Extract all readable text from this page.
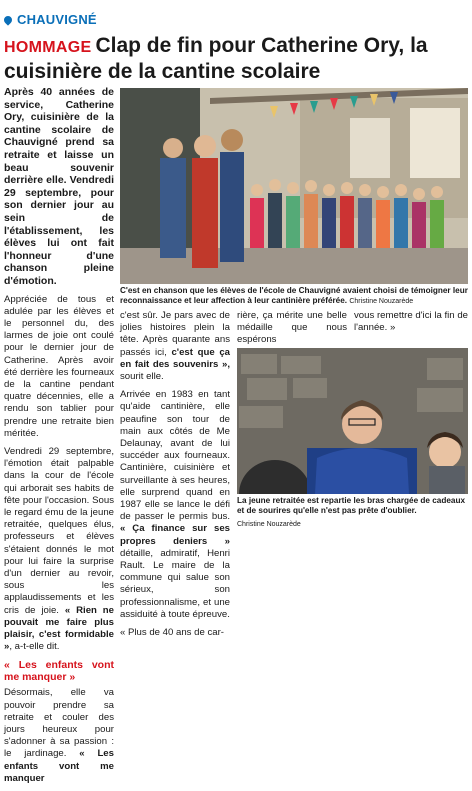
CHAUVIGNÉ
HOMMAGE Clap de fin pour Catherine Ory, la cuisinière de la cantine scolaire

Après 40 années de service, Catherine Ory, cuisinière de la cantine scolaire de Chauvigné prend sa retraite et laisse un beau souvenir derrière elle. Vendredi 29 septembre, pour son dernier jour au sein de l'établissement, les élèves lui ont fait l'honneur d'une chanson pleine d'émotion.

Appréciée de tous et adulée par les élèves et le personnel du, des larmes de joie ont coulé pour le dernier jour de Catherine. Après avoir été derrière les fourneaux de la cantine pendant quatre décennies, elle a rendu son tablier pour prendre une retraite bien méritée.

Vendredi 29 septembre, l'émotion était palpable dans la cour de l'école qui arborait ses habits de fête pour l'occasion. Sous le regard ému de la jeune retraitée, quelques élus, professeurs et élèves s'étaient donnés le mot pour lui faire la surprise d'un dernier au revoir, sous les applaudissements et les cris de joie. « Rien ne pouvait me faire plus plaisir, c'est formidable », a-t-elle dit.

« Les enfants vont me manquer »

Désormais, elle va pouvoir prendre sa retraite et couler des jours heureux pour s'adonner à sa passion : le jardinage. « Les enfants vont me manquer

C'est en chanson que les élèves de l'école de Chauvigné avaient choisi de témoigner leur reconnaissance et leur affection à leur cantinière préférée. Christine Nouzarède

c'est sûr. Je pars avec de jolies histoires plein la tête. Après quarante ans passés ici, c'est que ça en fait des souvenirs », sourit elle.

Arrivée en 1983 en tant qu'aide cantinière, elle peaufine son tour de main aux côtés de Me Delaunay, avant de lui succéder aux fourneaux. Cantinière, cuisinière et surveillante à ses heures, elle surprend quand en 1987 elle se lance le défi de passer le permis bus. « Ça finance sur ses propres deniers » détaille, admiratif, Henri Rault. Le maire de la commune qui salue son sérieux, son professionnalisme, et une assiduité à toute épreuve.

« Plus de 40 ans de car-

rière, ça mérite une belle médaille que nous espérons

vous remettre d'ici la fin de l'année. »

La jeune retraitée est repartie les bras chargée de cadeaux et de sourires qu'elle n'est pas prête d'oublier.
Christine Nouzarède
